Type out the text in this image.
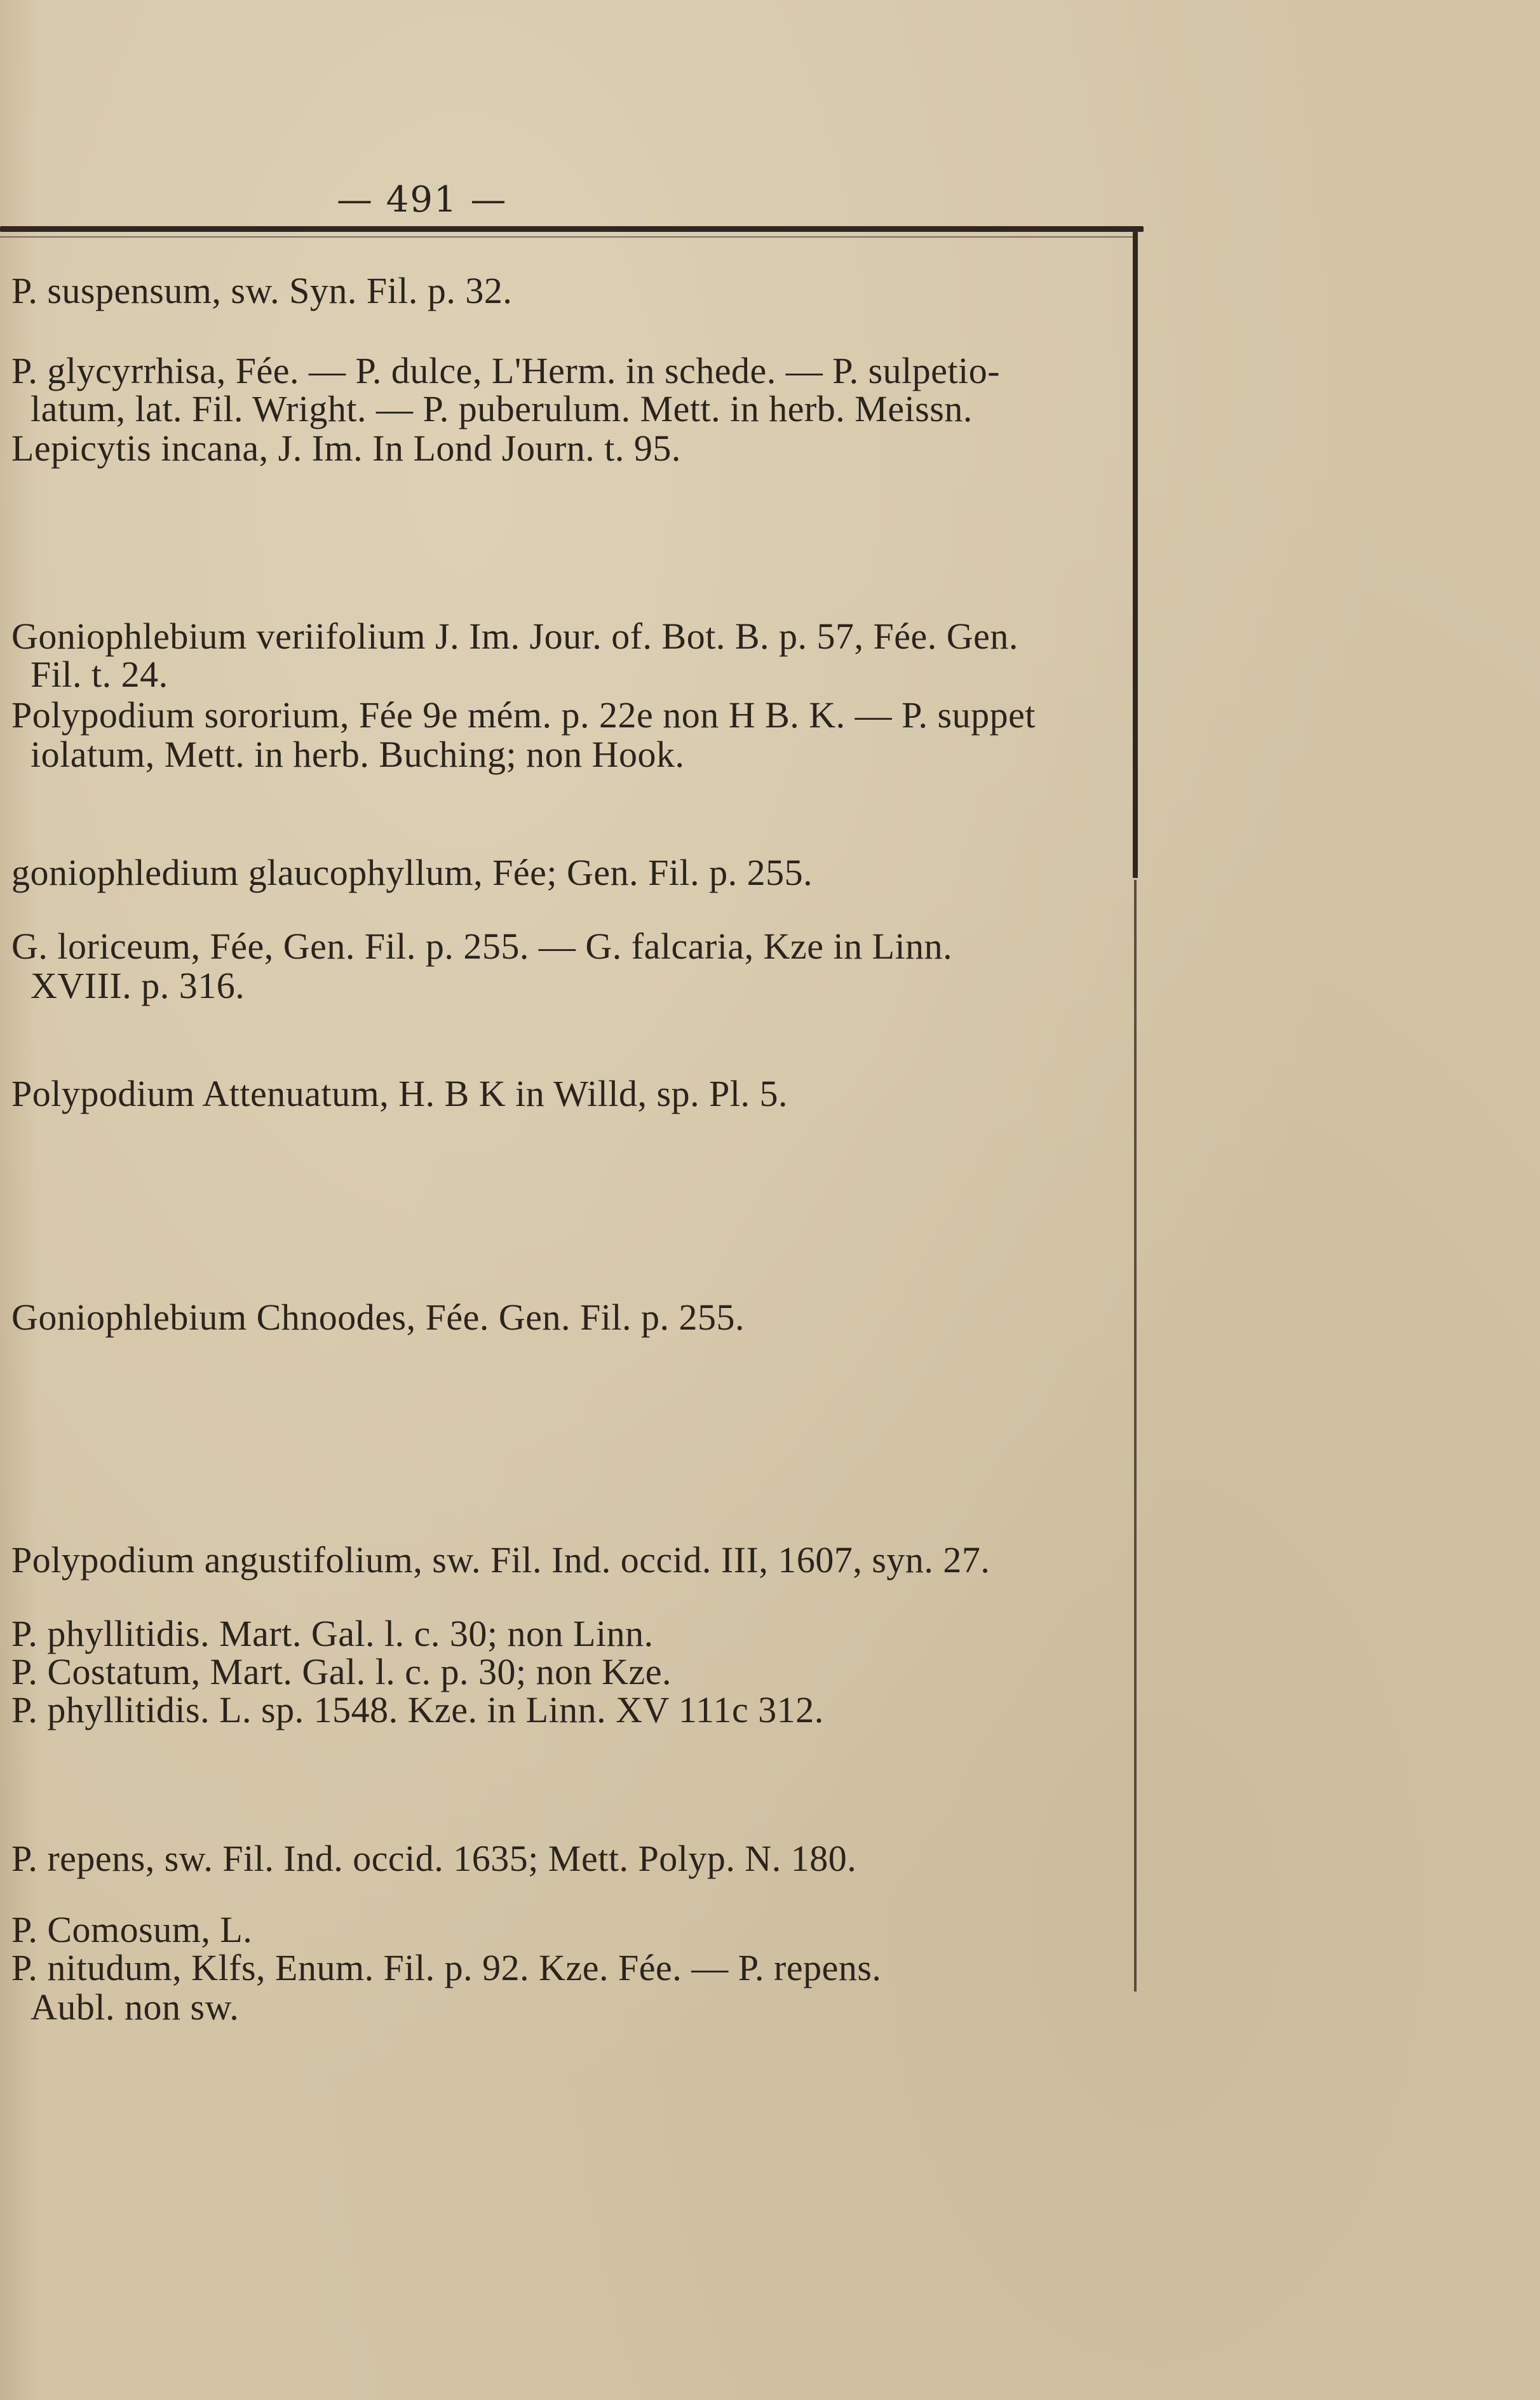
— 491 —
P. suspensum, sw. Syn. Fil. p. 32.
P. glycyrrhisa, Fée. — P. dulce, L'Herm. in schede. — P. sulpetio-
latum, lat. Fil. Wright. — P. puberulum. Mett. in herb. Meissn.
Lepicytis incana, J. Im. In Lond Journ. t. 95.
Goniophlebium veriifolium J. Im. Jour. of. Bot. B. p. 57, Fée. Gen.
Fil. t. 24.
Polypodium sororium, Fée 9e mém. p. 22e non H B. K. — P. suppet
iolatum, Mett. in herb. Buching; non Hook.
goniophledium glaucophyllum, Fée; Gen. Fil. p. 255.
G. loriceum, Fée, Gen. Fil. p. 255. — G. falcaria, Kze in Linn.
XVIII. p. 316.
Polypodium Attenuatum, H. B K in Willd, sp. Pl. 5.
Goniophlebium Chnoodes, Fée. Gen. Fil. p. 255.
Polypodium angustifolium, sw. Fil. Ind. occid. III, 1607, syn. 27.
P. phyllitidis. Mart. Gal. l. c. 30; non Linn.
P. Costatum, Mart. Gal. l. c. p. 30; non Kze.
P. phyllitidis. L. sp. 1548. Kze. in Linn. XV 111c 312.
P. repens, sw. Fil. Ind. occid. 1635; Mett. Polyp. N. 180.
P. Comosum, L.
P. nitudum, Klfs, Enum. Fil. p. 92. Kze. Fée. — P. repens.
Aubl. non sw.
